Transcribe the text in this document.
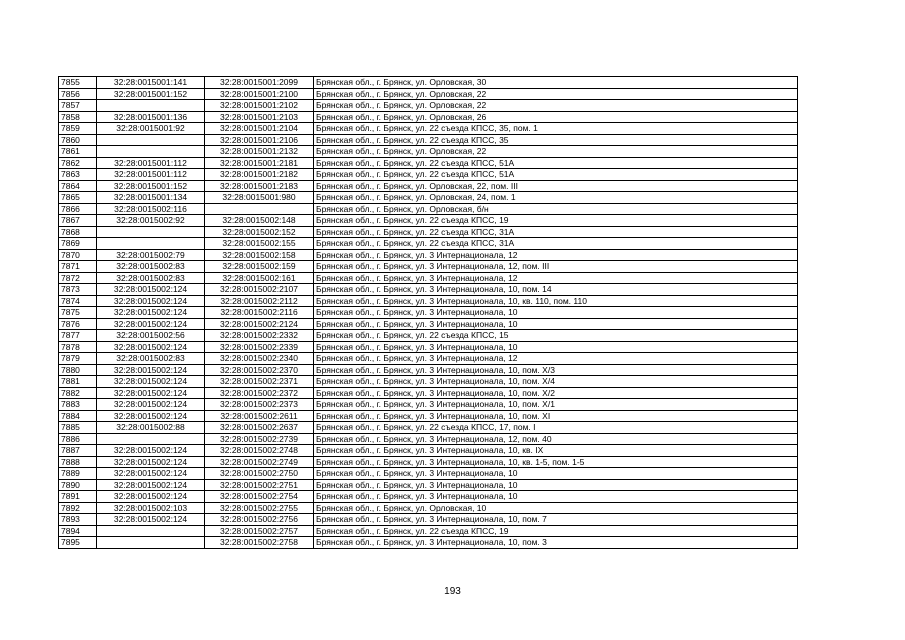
7855	32:28:0015001:141	32:28:0015001:2099	Брянская обл., г. Брянск, ул. Орловская, 30
7856	32:28:0015001:152	32:28:0015001:2100	Брянская обл., г. Брянск, ул. Орловская, 22
7857		32:28:0015001:2102	Брянская обл., г. Брянск, ул. Орловская, 22
7858	32:28:0015001:136	32:28:0015001:2103	Брянская обл., г. Брянск, ул. Орловская, 26
7859	32:28:0015001:92	32:28:0015001:2104	Брянская обл., г. Брянск, ул. 22 съезда КПСС, 35, пом. 1
7860		32:28:0015001:2106	Брянская обл., г. Брянск, ул. 22 съезда КПСС, 35
7861		32:28:0015001:2132	Брянская обл., г. Брянск, ул. Орловская, 22
7862	32:28:0015001:112	32:28:0015001:2181	Брянская обл., г. Брянск, ул. 22 съезда КПСС, 51А
7863	32:28:0015001:112	32:28:0015001:2182	Брянская обл., г. Брянск, ул. 22 съезда КПСС, 51А
7864	32:28:0015001:152	32:28:0015001:2183	Брянская обл., г. Брянск, ул. Орловская, 22, пом. III
7865	32:28:0015001:134	32:28:0015001:980	Брянская обл., г. Брянск, ул. Орловская, 24, пом. 1
7866	32:28:0015002:116		Брянская обл., г. Брянск, ул. Орловская, б/н
7867	32:28:0015002:92	32:28:0015002:148	Брянская обл., г. Брянск, ул. 22 съезда КПСС, 19
7868		32:28:0015002:152	Брянская обл., г. Брянск, ул. 22 съезда КПСС, 31А
7869		32:28:0015002:155	Брянская обл., г. Брянск, ул. 22 съезда КПСС, 31А
7870	32:28:0015002:79	32:28:0015002:158	Брянская обл., г. Брянск, ул. 3 Интернационала, 12
7871	32:28:0015002:83	32:28:0015002:159	Брянская обл., г. Брянск, ул. 3 Интернационала, 12, пом. III
7872	32:28:0015002:83	32:28:0015002:161	Брянская обл., г. Брянск, ул. 3 Интернационала, 12
7873	32:28:0015002:124	32:28:0015002:2107	Брянская обл., г. Брянск, ул. 3 Интернационала, 10, пом. 14
7874	32:28:0015002:124	32:28:0015002:2112	Брянская обл., г. Брянск, ул. 3 Интернационала, 10, кв. 110, пом. 110
7875	32:28:0015002:124	32:28:0015002:2116	Брянская обл., г. Брянск, ул. 3 Интернационала, 10
7876	32:28:0015002:124	32:28:0015002:2124	Брянская обл., г. Брянск, ул. 3 Интернационала, 10
7877	32:28:0015002:56	32:28:0015002:2332	Брянская обл., г. Брянск, ул. 22 съезда КПСС, 15
7878	32:28:0015002:124	32:28:0015002:2339	Брянская обл., г. Брянск, ул. 3 Интернационала, 10
7879	32:28:0015002:83	32:28:0015002:2340	Брянская обл., г. Брянск, ул. 3 Интернационала, 12
7880	32:28:0015002:124	32:28:0015002:2370	Брянская обл., г. Брянск, ул. 3 Интернационала, 10, пом. X/3
7881	32:28:0015002:124	32:28:0015002:2371	Брянская обл., г. Брянск, ул. 3 Интернационала, 10, пом. X/4
7882	32:28:0015002:124	32:28:0015002:2372	Брянская обл., г. Брянск, ул. 3 Интернационала, 10, пом. X/2
7883	32:28:0015002:124	32:28:0015002:2373	Брянская обл., г. Брянск, ул. 3 Интернационала, 10, пом. X/1
7884	32:28:0015002:124	32:28:0015002:2611	Брянская обл., г. Брянск, ул. 3 Интернационала, 10, пом. XI
7885	32:28:0015002:88	32:28:0015002:2637	Брянская обл., г. Брянск, ул. 22 съезда КПСС, 17, пом. I
7886		32:28:0015002:2739	Брянская обл., г. Брянск, ул. 3 Интернационала, 12, пом. 40
7887	32:28:0015002:124	32:28:0015002:2748	Брянская обл., г. Брянск, ул. 3 Интернационала, 10, кв. IX
7888	32:28:0015002:124	32:28:0015002:2749	Брянская обл., г. Брянск, ул. 3 Интернационала, 10, кв. 1-5, пом. 1-5
7889	32:28:0015002:124	32:28:0015002:2750	Брянская обл., г. Брянск, ул. 3 Интернационала, 10
7890	32:28:0015002:124	32:28:0015002:2751	Брянская обл., г. Брянск, ул. 3 Интернационала, 10
7891	32:28:0015002:124	32:28:0015002:2754	Брянская обл., г. Брянск, ул. 3 Интернационала, 10
7892	32:28:0015002:103	32:28:0015002:2755	Брянская обл., г. Брянск, ул. Орловская, 10
7893	32:28:0015002:124	32:28:0015002:2756	Брянская обл., г. Брянск, ул. 3 Интернационала, 10, пом. 7
7894		32:28:0015002:2757	Брянская обл., г. Брянск, ул. 22 съезда КПСС, 19
7895		32:28:0015002:2758	Брянская обл., г. Брянск, ул. 3 Интернационала, 10, пом. 3
193
